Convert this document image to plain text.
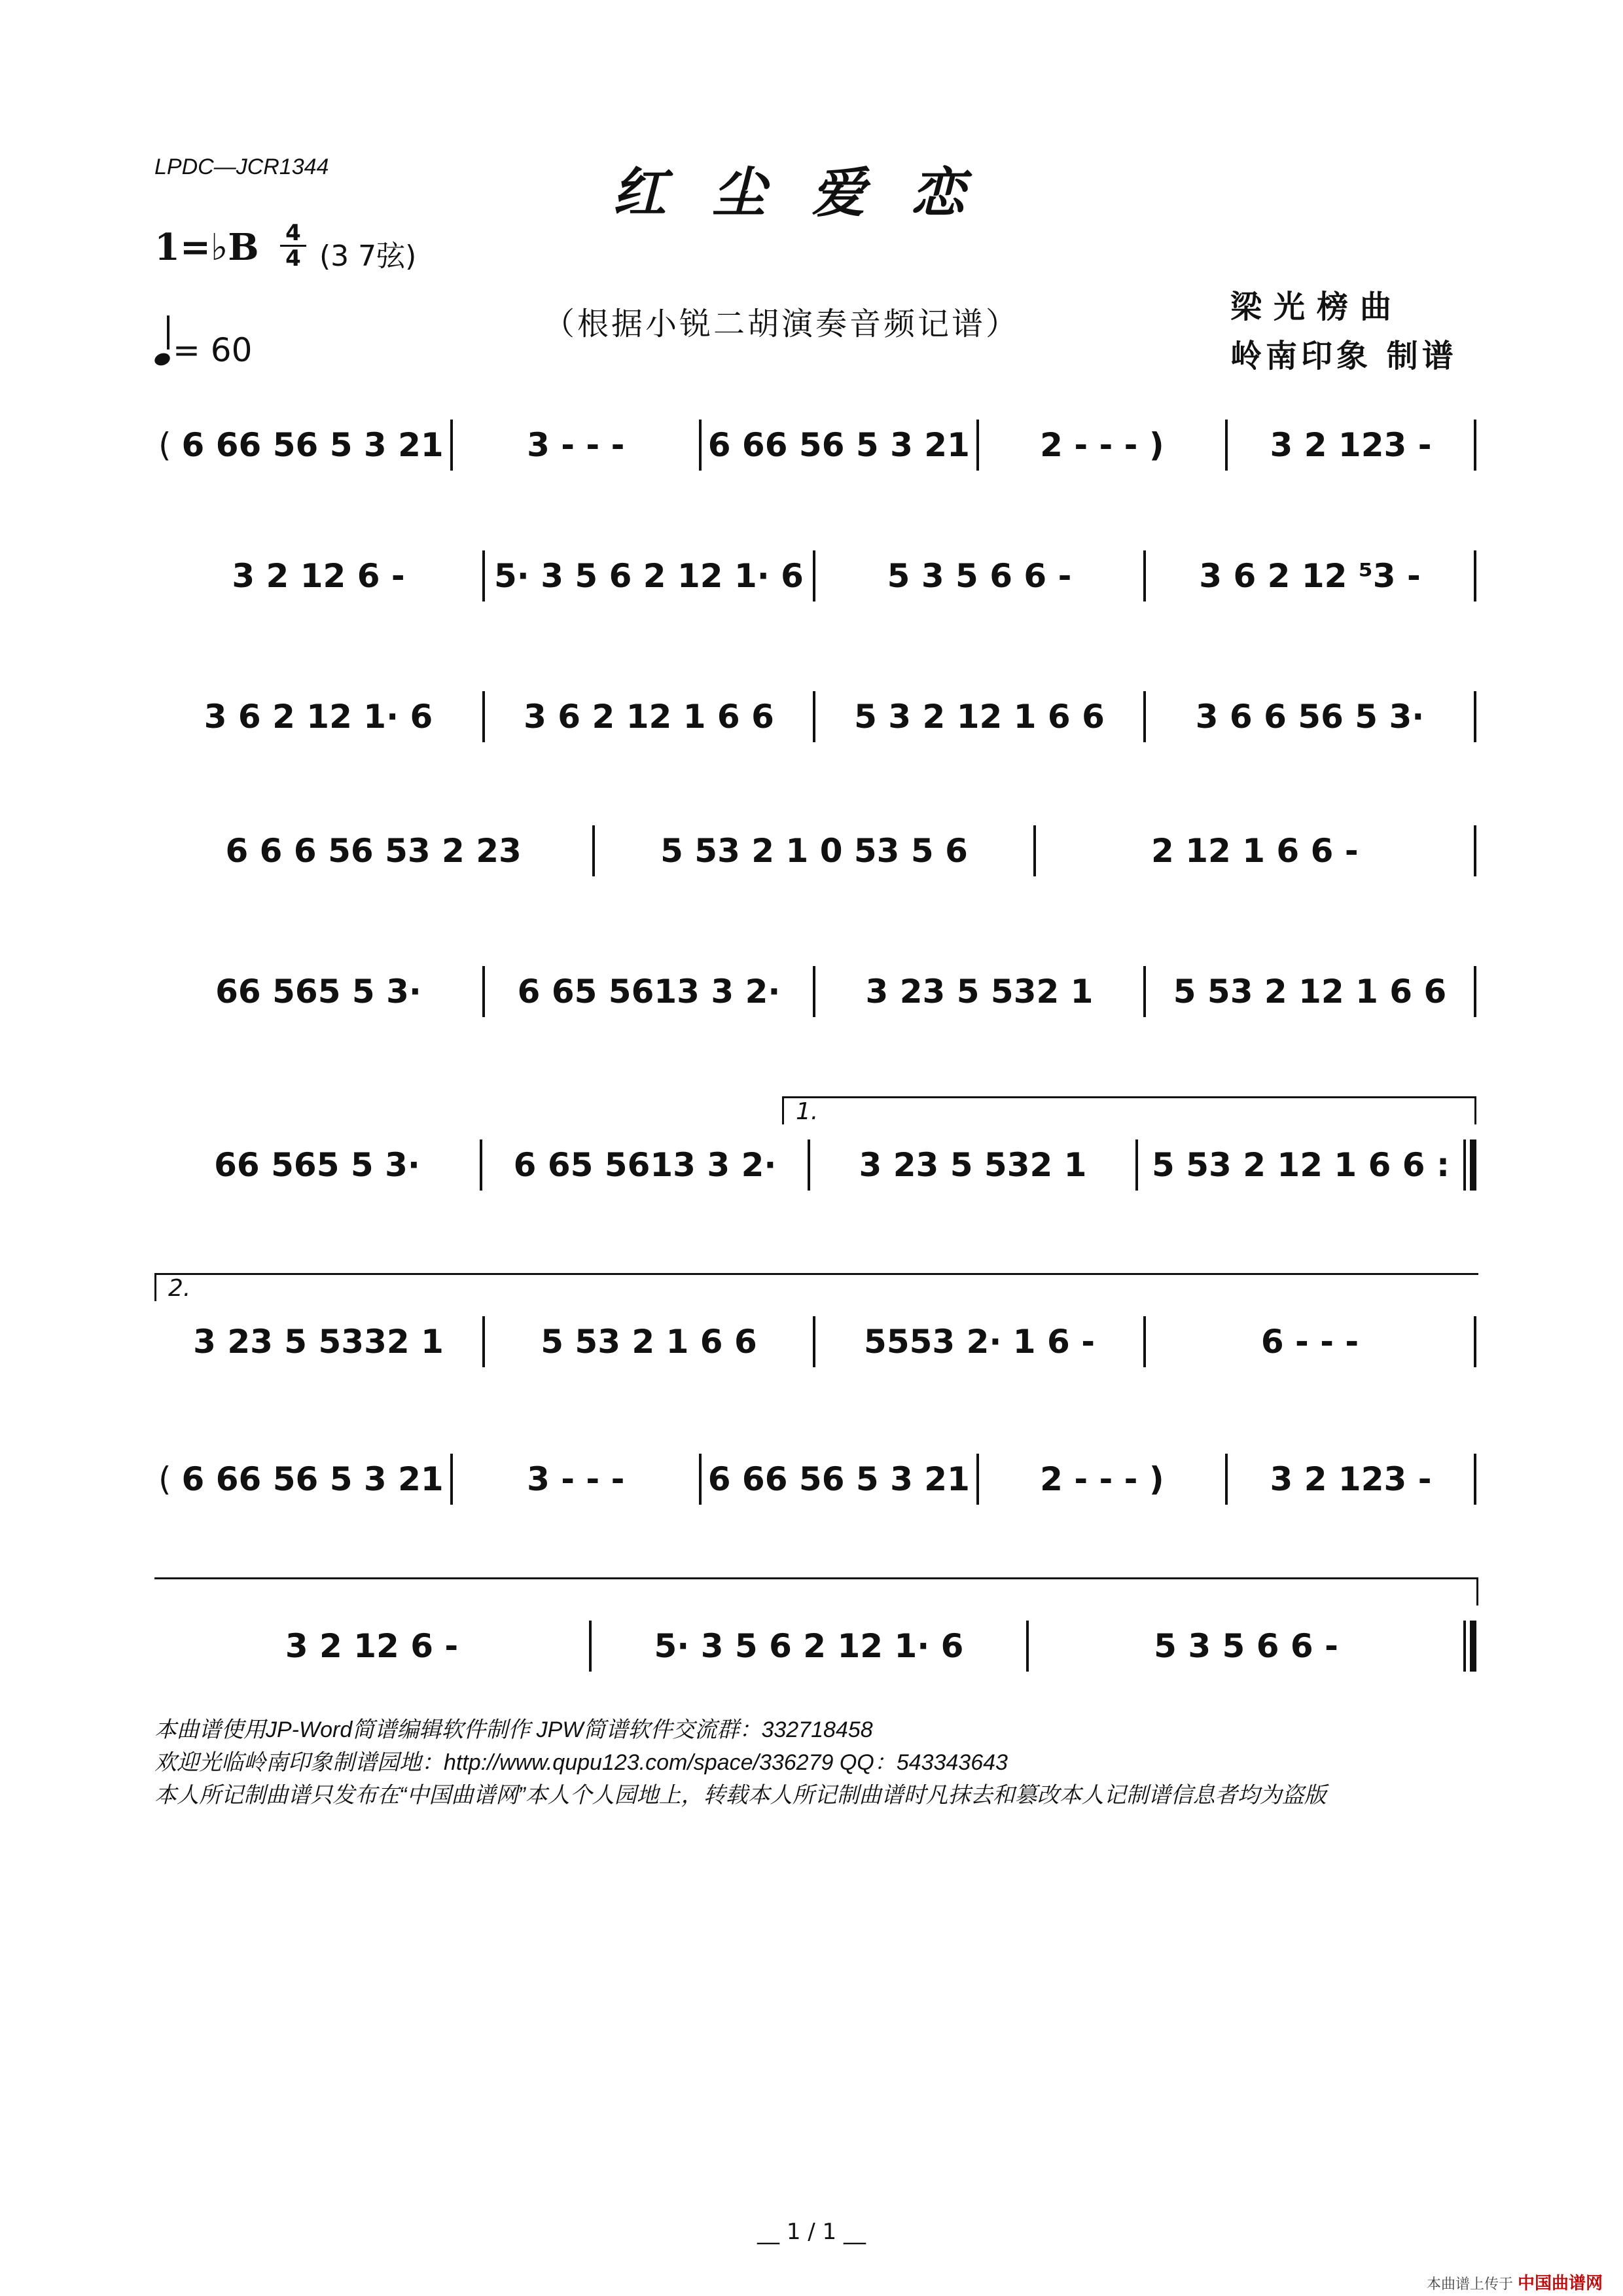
LPDC—JCR1344	红尘爱恋
1=♭B 4
4 (3 7弦)
= 60
（根据小锐二胡演奏音频记谱）	梁光榜曲
岭南印象 制谱
( 6 66 56 5 3 21	3 - - -	6 66 56 5 3 21	2 - - - )	3 2 123 -
3 2 12 6 -	5· 3 5 6 2 12 1· 6	5 3 5 6 6 -	3 6 2 12 ⁵3 -
3 6 2 12 1· 6	3 6 2 12 1 6 6	5 3 2 12 1 6 6	3 6 6 56 5 3·
6 6 6 56 53 2 23	5 53 2 1 0 53 5 6	2 12 1 6 6 -
66 565 5 3·	6 65 5613 3 2·	3 23 5 532 1	5 53 2 12 1 6 6
1.
66 565 5 3·	6 65 5613 3 2·	3 23 5 532 1	5 53 2 12 1 6 6 :
2.
3 23 5 5332 1	5 53 2 1 6 6	5553 2· 1 6 -	6 - - -
( 6 66 56 5 3 21	3 - - -	6 66 56 5 3 21	2 - - - )	3 2 123 -
3 2 12 6 -	5· 3 5 6 2 12 1· 6	5 3 5 6 6 -
本曲谱使用JP-Word简谱编辑软件制作 JPW简谱软件交流群：332718458
欢迎光临岭南印象制谱园地：http://www.qupu123.com/space/336279 QQ：543343643
本人所记制曲谱只发布在“中国曲谱网”本人个人园地上，转载本人所记制曲谱时凡抹去和篡改本人记制谱信息者均为盗版
__ 1 / 1 __
本曲谱上传于 中国曲谱网
